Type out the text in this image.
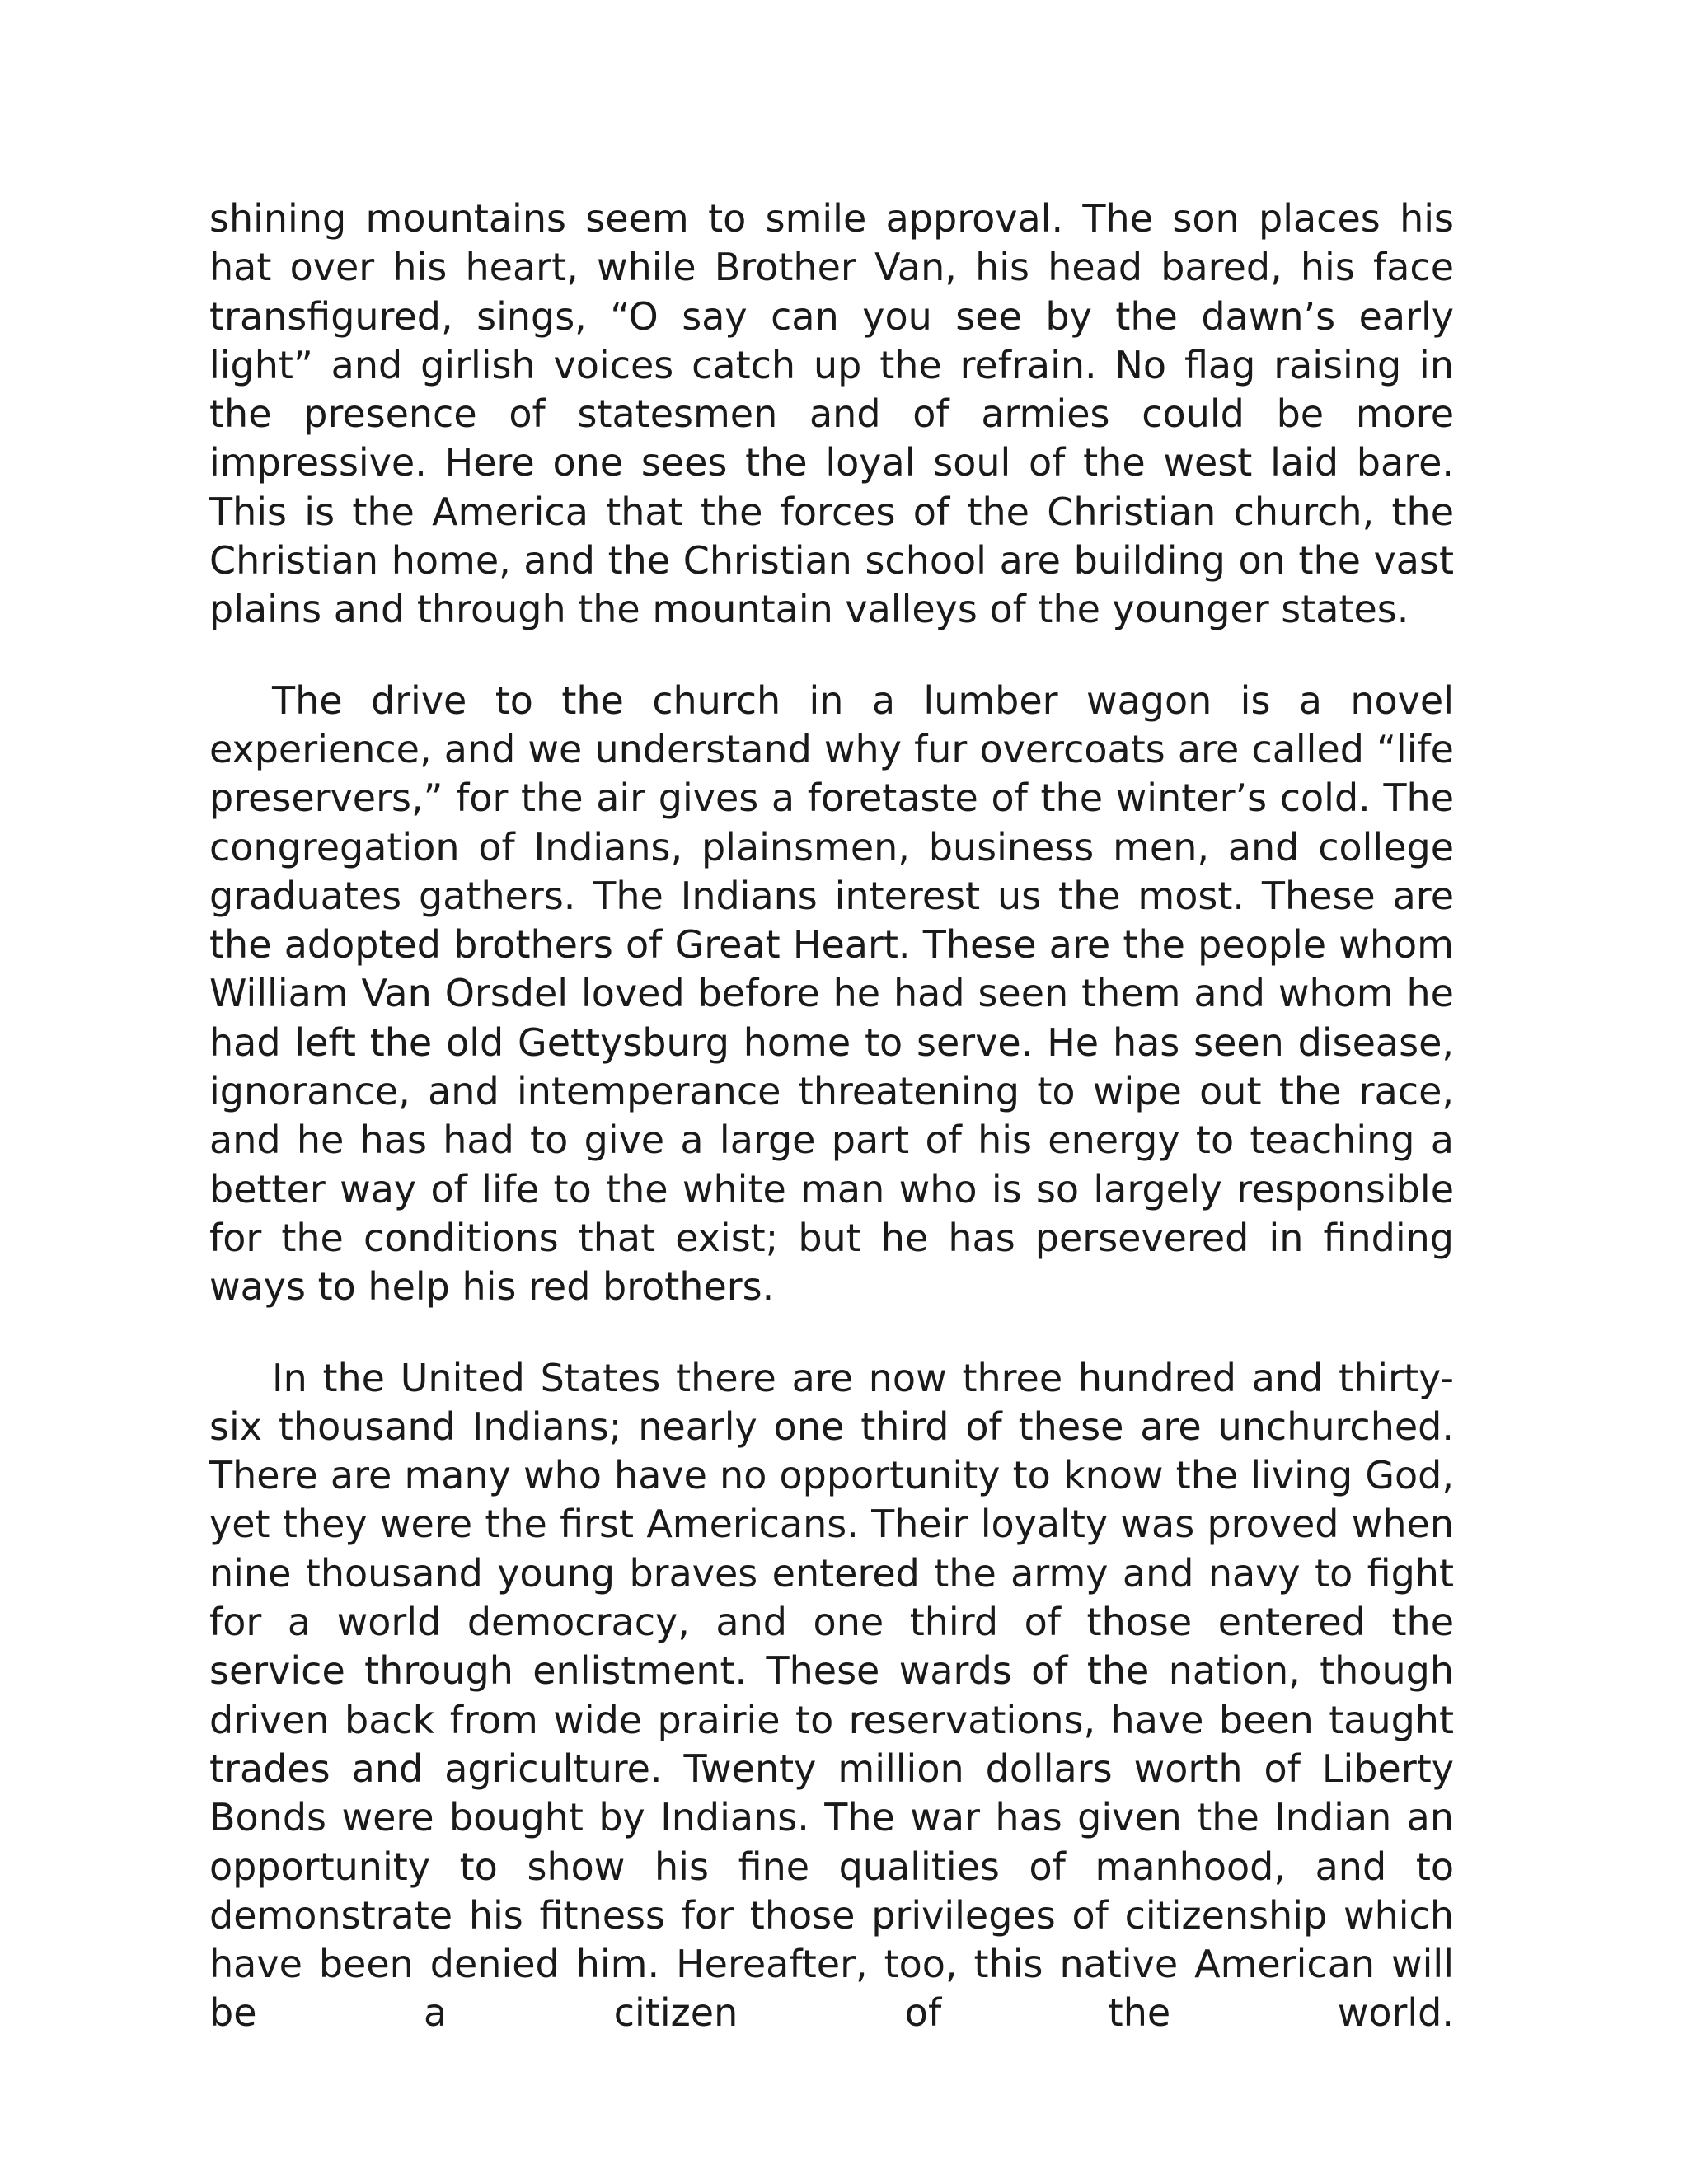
shining mountains seem to smile approval. The son places his hat over his heart, while Brother Van, his head bared, his face transfigured, sings, “O say can you see by the dawn’s early light” and girlish voices catch up the refrain. No flag raising in the presence of statesmen and of armies could be more impressive. Here one sees the loyal soul of the west laid bare. This is the America that the forces of the Christian church, the Christian home, and the Christian school are building on the vast plains and through the mountain valleys of the younger states.

The drive to the church in a lumber wagon is a novel experience, and we understand why fur overcoats are called “life preservers,” for the air gives a foretaste of the winter’s cold. The congregation of Indians, plainsmen, business men, and college graduates gathers. The Indians interest us the most. These are the adopted brothers of Great Heart. These are the people whom William Van Orsdel loved before he had seen them and whom he had left the old Gettysburg home to serve. He has seen disease, ignorance, and intemperance threatening to wipe out the race, and he has had to give a large part of his energy to teaching a better way of life to the white man who is so largely responsible for the conditions that exist; but he has persevered in finding ways to help his red brothers.

In the United States there are now three hundred and thirty-six thousand Indians; nearly one third of these are unchurched. There are many who have no opportunity to know the living God, yet they were the first Americans. Their loyalty was proved when nine thousand young braves entered the army and navy to fight for a world democracy, and one third of those entered the service through enlistment. These wards of the nation, though driven back from wide prairie to reservations, have been taught trades and agriculture. Twenty million dollars worth of Liberty Bonds were bought by Indians. The war has given the Indian an opportunity to show his fine qualities of manhood, and to demonstrate his fitness for those privileges of citizenship which have been denied him. Hereafter, too, this native American will be a citizen of the world.
